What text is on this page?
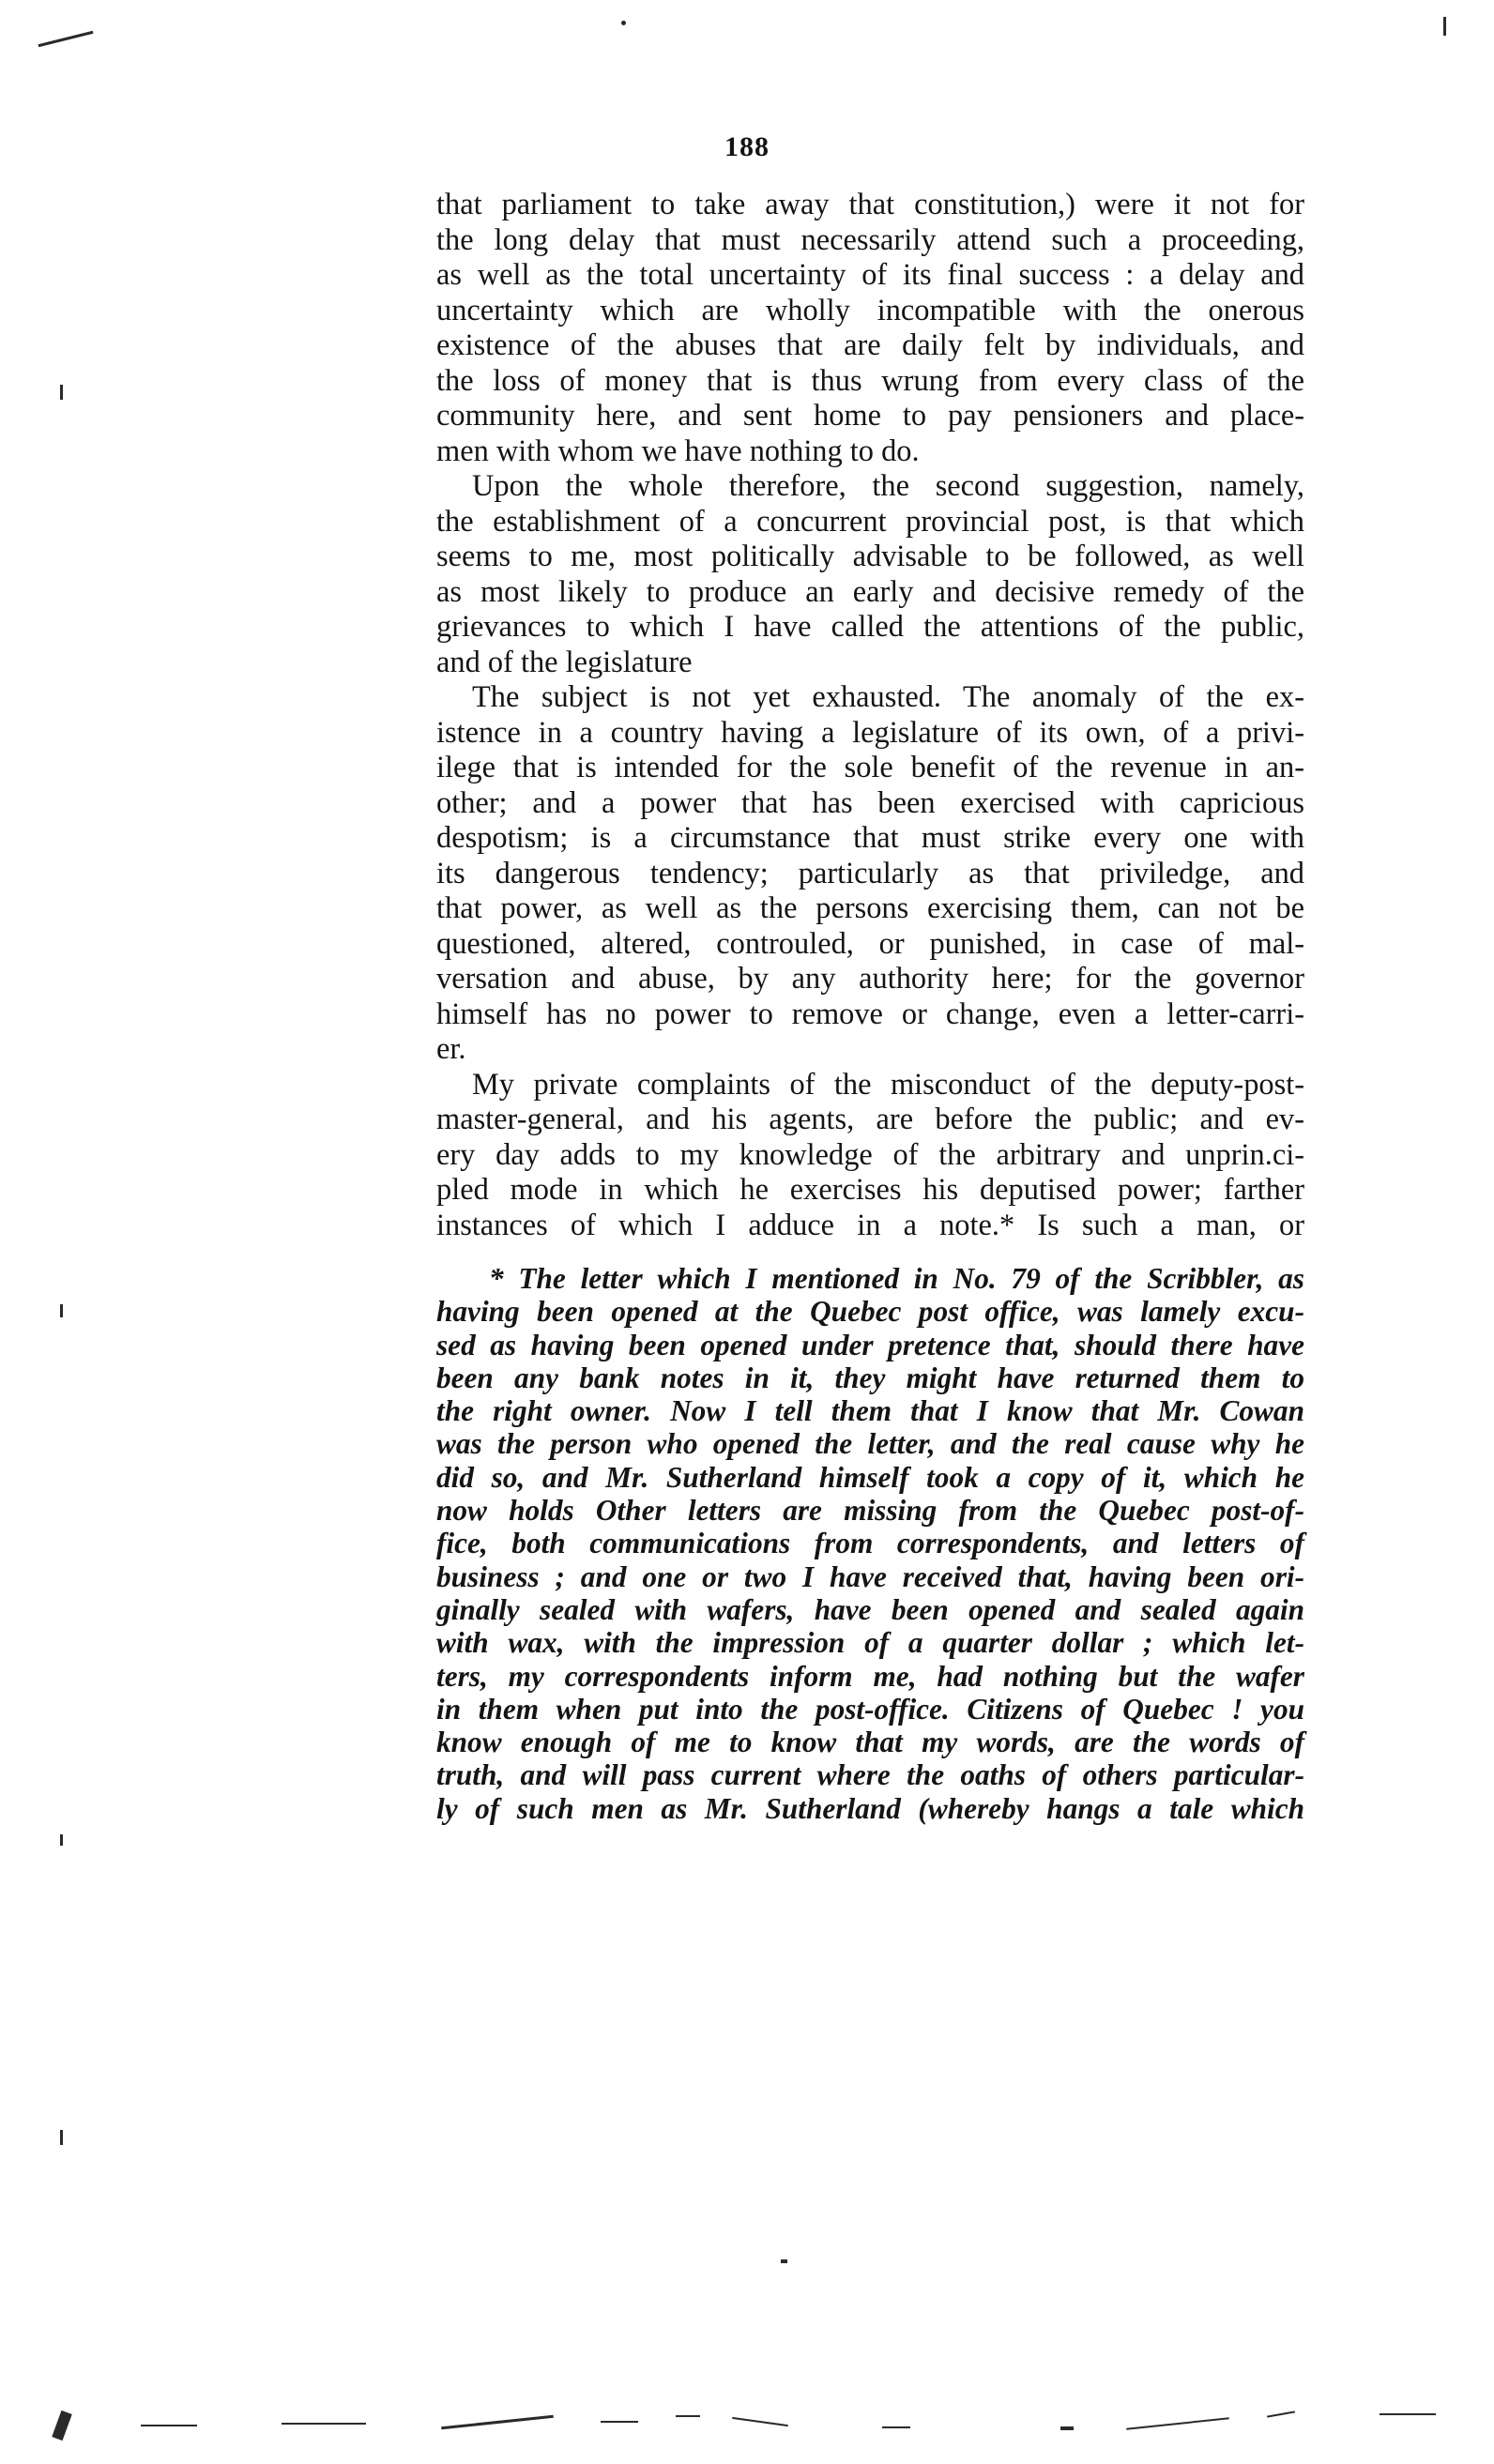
188

that parliament to take away that constitution,) were it not for

the long delay that must necessarily attend such a proceeding,

as well as the total uncertainty of its final success : a delay and

uncertainty which are wholly incompatible with the onerous

existence of the abuses that are daily felt by individuals, and

the loss of money that is thus wrung from every class of the

community here, and sent home to pay pensioners and place-

men with whom we have nothing to do.

Upon the whole therefore, the second suggestion, namely,

the establishment of a concurrent provincial post, is that which

seems to me, most politically advisable to be followed, as well

as most likely to produce an early and decisive remedy of the

grievances to which I have called the attentions of the public,

and of the legislature

The subject is not yet exhausted. The anomaly of the ex-

istence in a country having a legislature of its own, of a privi-

ilege that is intended for the sole benefit of the revenue in an-

other; and a power that has been exercised with capricious

despotism; is a circumstance that must strike every one with

its dangerous tendency; particularly as that priviledge, and

that power, as well as the persons exercising them, can not be

questioned, altered, controuled, or punished, in case of mal-

versation and abuse, by any authority here; for the governor

himself has no power to remove or change, even a letter-carri-

er.

My private complaints of the misconduct of the deputy-post-

master-general, and his agents, are before the public; and ev-

ery day adds to my knowledge of the arbitrary and unprin.ci-

pled mode in which he exercises his deputised power; farther

instances of which I adduce in a note.* Is such a man, or

* The letter which I mentioned in No. 79 of the Scribbler, as

having been opened at the Quebec post office, was lamely excu-

sed as having been opened under pretence that, should there have

been any bank notes in it, they might have returned them to

the right owner. Now I tell them that I know that Mr. Cowan

was the person who opened the letter, and the real cause why he

did so, and Mr. Sutherland himself took a copy of it, which he

now holds Other letters are missing from the Quebec post-of-

fice, both communications from correspondents, and letters of

business ; and one or two I have received that, having been ori-

ginally sealed with wafers, have been opened and sealed again

with wax, with the impression of a quarter dollar ; which let-

ters, my correspondents inform me, had nothing but the wafer

in them when put into the post-office. Citizens of Quebec ! you

know enough of me to know that my words, are the words of

truth, and will pass current where the oaths of others particular-

ly of such men as Mr. Sutherland (whereby hangs a tale which
